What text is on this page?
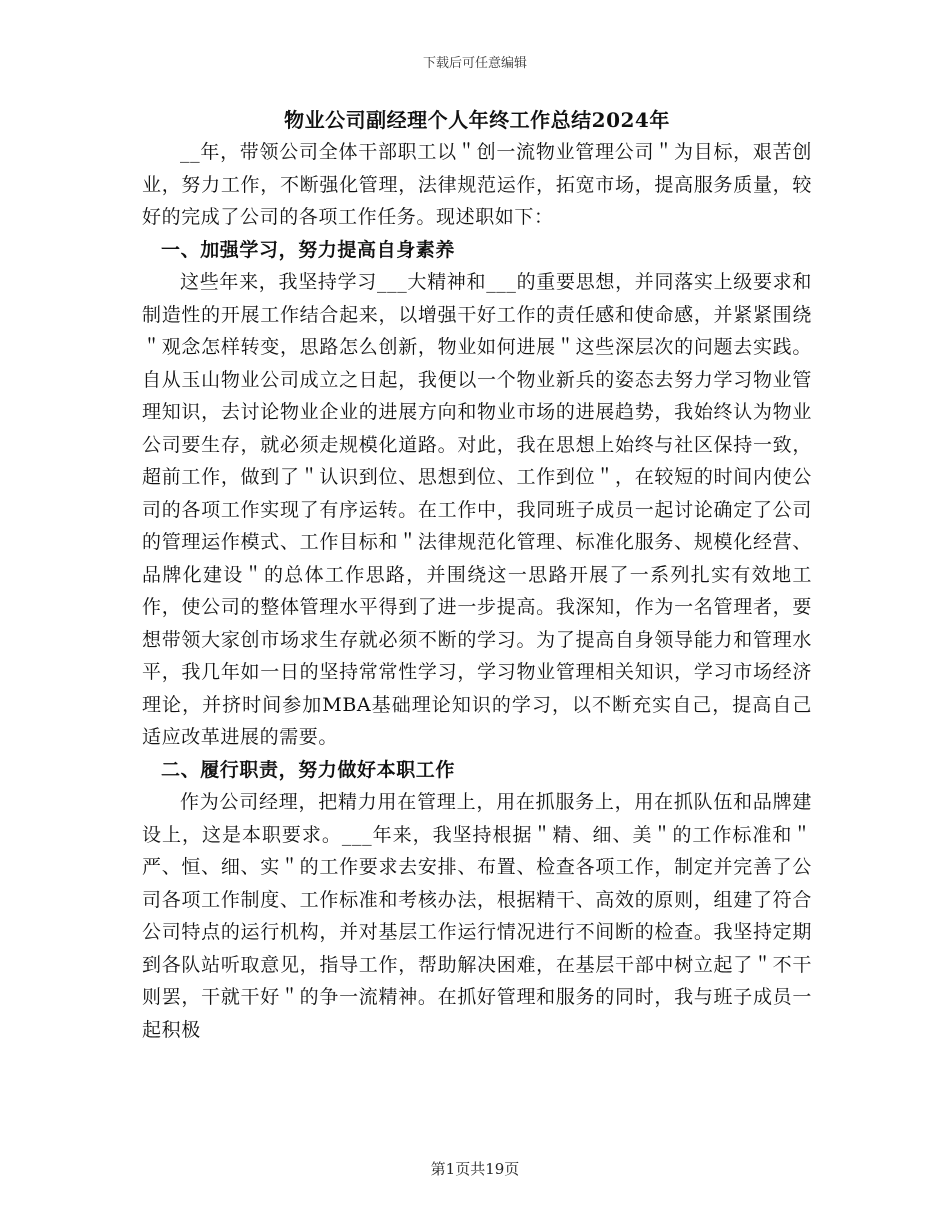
下载后可任意编辑
物业公司副经理个人年终工作总结2024年

__年，带领公司全体干部职工以＂创一流物业管理公司＂为目标，艰苦创业，努力工作，不断强化管理，法律规范运作，拓宽市场，提高服务质量，较好的完成了公司的各项工作任务。现述职如下：

一、加强学习，努力提高自身素养

这些年来，我坚持学习___大精神和___的重要思想，并同落实上级要求和制造性的开展工作结合起来，以增强干好工作的责任感和使命感，并紧紧围绕＂观念怎样转变，思路怎么创新，物业如何进展＂这些深层次的问题去实践。自从玉山物业公司成立之日起，我便以一个物业新兵的姿态去努力学习物业管理知识，去讨论物业企业的进展方向和物业市场的进展趋势，我始终认为物业公司要生存，就必须走规模化道路。对此，我在思想上始终与社区保持一致，超前工作，做到了＂认识到位、思想到位、工作到位＂，在较短的时间内使公司的各项工作实现了有序运转。在工作中，我同班子成员一起讨论确定了公司的管理运作模式、工作目标和＂法律规范化管理、标准化服务、规模化经营、品牌化建设＂的总体工作思路，并围绕这一思路开展了一系列扎实有效地工作，使公司的整体管理水平得到了进一步提高。我深知，作为一名管理者，要想带领大家创市场求生存就必须不断的学习。为了提高自身领导能力和管理水平，我几年如一日的坚持常常性学习，学习物业管理相关知识，学习市场经济理论，并挤时间参加MBA基础理论知识的学习，以不断充实自己，提高自己适应改革进展的需要。

二、履行职责，努力做好本职工作

作为公司经理，把精力用在管理上，用在抓服务上，用在抓队伍和品牌建设上，这是本职要求。___年来，我坚持根据＂精、细、美＂的工作标准和＂严、恒、细、实＂的工作要求去安排、布置、检查各项工作，制定并完善了公司各项工作制度、工作标准和考核办法，根据精干、高效的原则，组建了符合公司特点的运行机构，并对基层工作运行情况进行不间断的检查。我坚持定期到各队站听取意见，指导工作，帮助解决困难，在基层干部中树立起了＂不干则罢，干就干好＂的争一流精神。在抓好管理和服务的同时，我与班子成员一起积极

第1页共19页
